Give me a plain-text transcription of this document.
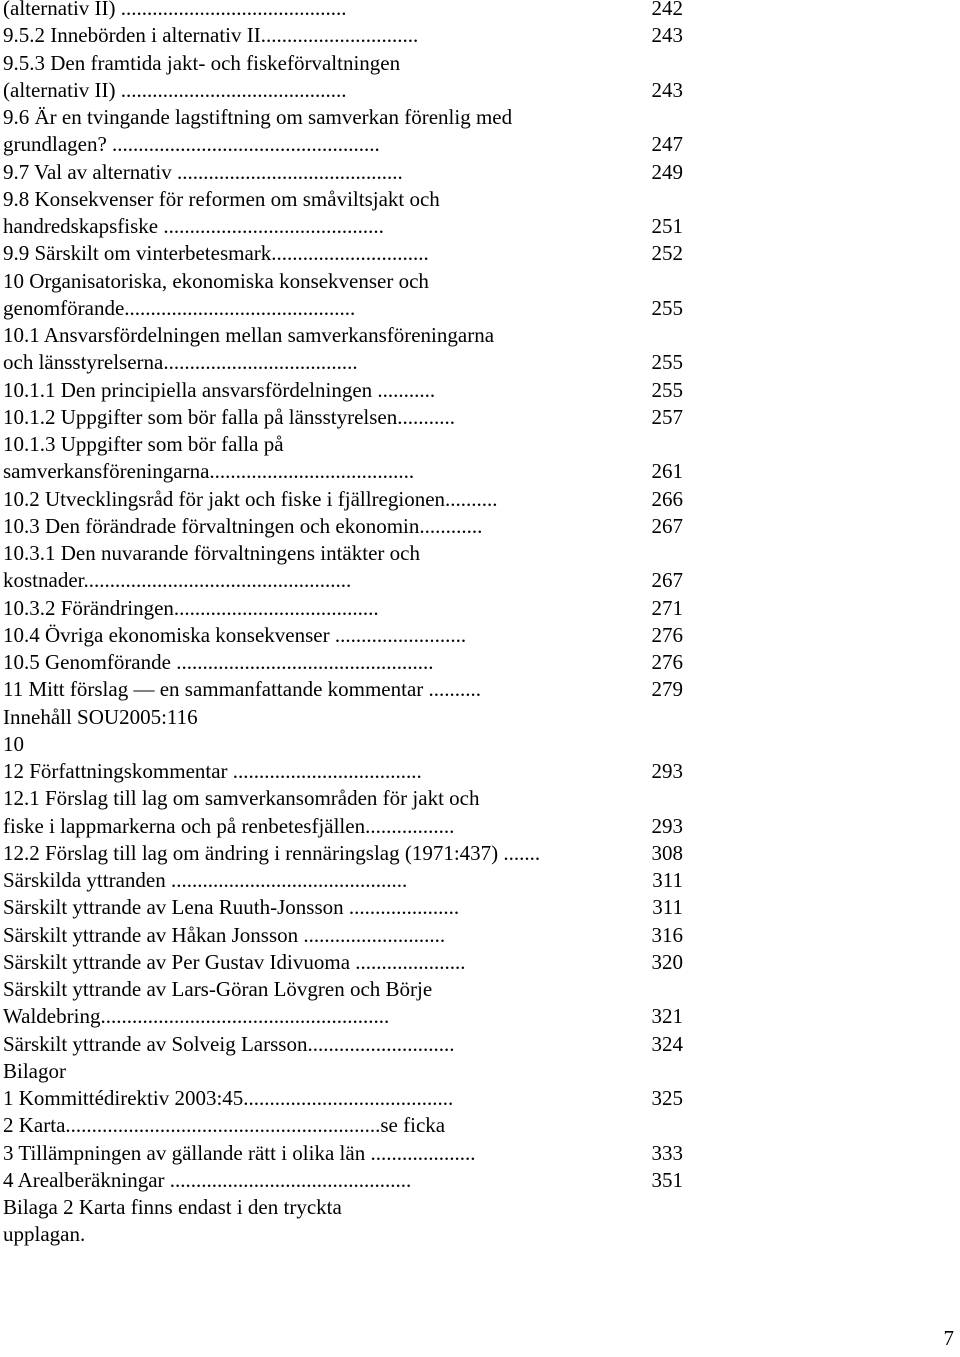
(alternativ II) ...........................................	242
9.5.2 Innebörden i alternativ II..............................	243
9.5.3 Den framtida jakt- och fiskeförvaltningen
(alternativ II) ...........................................	243
9.6 Är en tvingande lagstiftning om samverkan förenlig med
grundlagen? ...................................................	247
9.7 Val av alternativ ...........................................	249
9.8 Konsekvenser för reformen om småviltsjakt och
handredskapsfiske ..........................................	251
9.9 Särskilt om vinterbetesmark..............................	252
10 Organisatoriska, ekonomiska konsekvenser och
genomförande............................................	255
10.1 Ansvarsfördelningen mellan samverkansföreningarna
och länsstyrelserna.....................................	255
10.1.1 Den principiella ansvarsfördelningen ...........	255
10.1.2 Uppgifter som bör falla på länsstyrelsen...........	257
10.1.3 Uppgifter som bör falla på
samverkansföreningarna.......................................	261
10.2 Utvecklingsråd för jakt och fiske i fjällregionen..........	266
10.3 Den förändrade förvaltningen och ekonomin............	267
10.3.1 Den nuvarande förvaltningens intäkter och
kostnader...................................................	267
10.3.2 Förändringen.......................................	271
10.4 Övriga ekonomiska konsekvenser .........................	276
10.5 Genomförande .................................................	276
11 Mitt förslag — en sammanfattande kommentar ..........	279
Innehåll SOU2005:116
10
12 Författningskommentar ....................................	293
12.1 Förslag till lag om samverkansområden för jakt och
fiske i lappmarkerna och på renbetesfjällen.................	293
12.2 Förslag till lag om ändring i rennäringslag (1971:437) .......	308
Särskilda yttranden .............................................	311
Särskilt yttrande av Lena Ruuth-Jonsson .....................	311
Särskilt yttrande av Håkan Jonsson ...........................	316
Särskilt yttrande av Per Gustav Idivuoma .....................	320
Särskilt yttrande av Lars-Göran Lövgren och Börje
Waldebring.......................................................	321
Särskilt yttrande av Solveig Larsson............................	324
Bilagor
1 Kommittédirektiv 2003:45........................................	325
2 Karta............................................................se ficka
3 Tillämpningen av gällande rätt i olika län ....................	333
4 Arealberäkningar ..............................................	351
Bilaga 2 Karta finns endast i den tryckta
upplagan.
7
